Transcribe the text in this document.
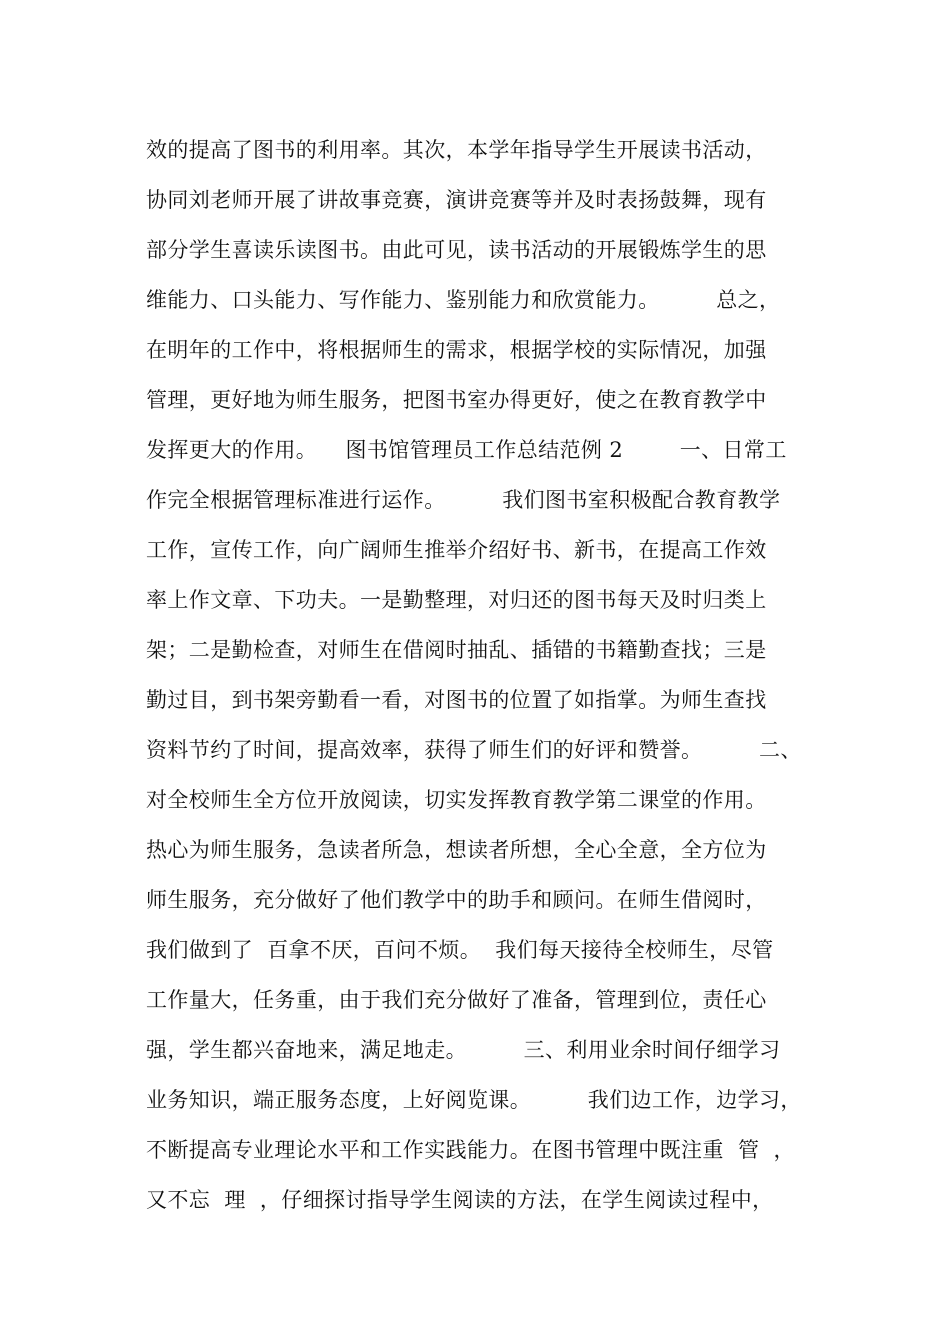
效的提高了图书的利用率。其次，本学年指导学生开展读书活动，
协同刘老师开展了讲故事竞赛，演讲竞赛等并及时表扬鼓舞，现有
部分学生喜读乐读图书。由此可见，读书活动的开展锻炼学生的思
维能力、口头能力、写作能力、鉴别能力和欣赏能力。        总之，
在明年的工作中，将根据师生的需求，根据学校的实际情况，加强
管理，更好地为师生服务，把图书室办得更好，使之在教育教学中
发挥更大的作用。    图书馆管理员工作总结范例 2        一、日常工
作完全根据管理标准进行运作。        我们图书室积极配合教育教学
工作，宣传工作，向广阔师生推举介绍好书、新书，在提高工作效
率上作文章、下功夫。一是勤整理，对归还的图书每天及时归类上
架；二是勤检查，对师生在借阅时抽乱、插错的书籍勤查找；三是
勤过目，到书架旁勤看一看，对图书的位置了如指掌。为师生查找
资料节约了时间，提高效率，获得了师生们的好评和赞誉。        二、
对全校师生全方位开放阅读，切实发挥教育教学第二课堂的作用。
热心为师生服务，急读者所急，想读者所想，全心全意，全方位为
师生服务，充分做好了他们教学中的助手和顾问。在师生借阅时，
我们做到了  百拿不厌，百问不烦。  我们每天接待全校师生，尽管
工作量大，任务重，由于我们充分做好了准备，管理到位，责任心
强，学生都兴奋地来，满足地走。        三、利用业余时间仔细学习
业务知识，端正服务态度，上好阅览课。        我们边工作，边学习，
不断提高专业理论水平和工作实践能力。在图书管理中既注重  管  ，
又不忘  理  ，仔细探讨指导学生阅读的方法，在学生阅读过程中，
